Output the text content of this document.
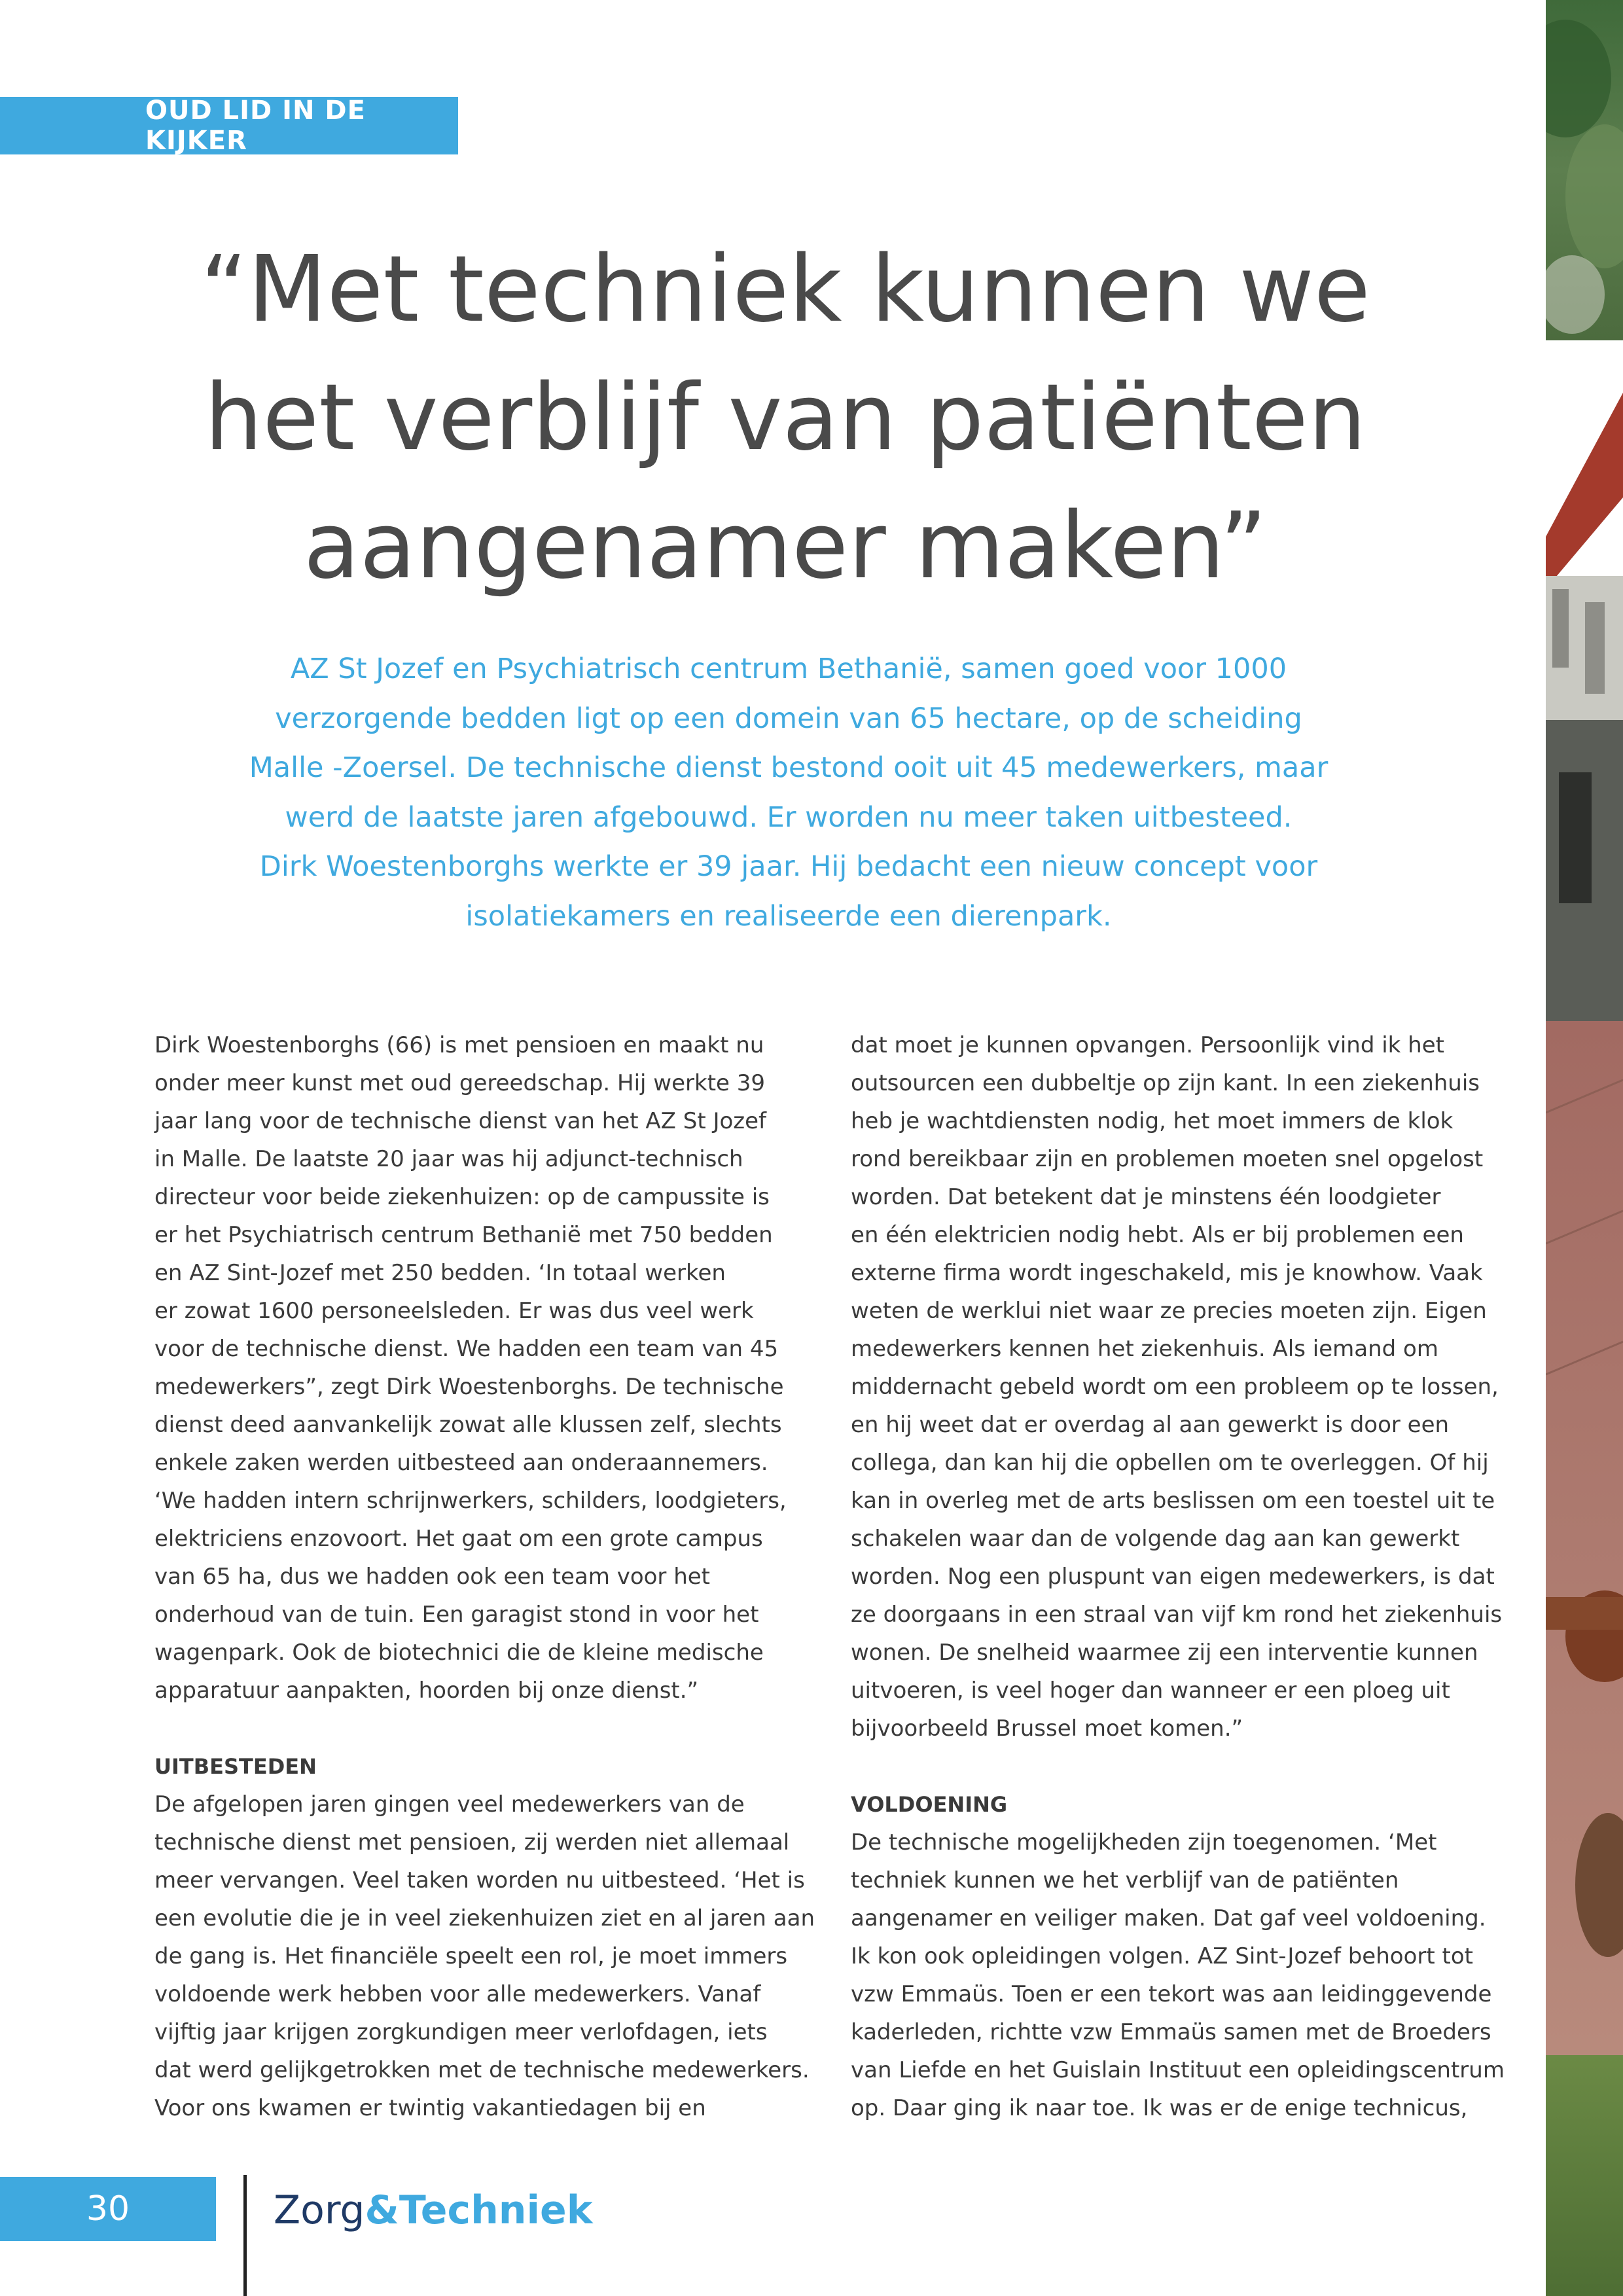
OUD LID IN DE KIJKER
“Met techniek kunnen we
het verblijf van patiënten
aangenamer maken”

AZ St Jozef en Psychiatrisch centrum Bethanië, samen goed voor 1000
verzorgende bedden ligt op een domein van 65 hectare, op de scheiding
Malle -Zoersel. De technische dienst bestond ooit uit 45 medewerkers, maar
werd de laatste jaren afgebouwd. Er worden nu meer taken uitbesteed.
Dirk Woestenborghs werkte er 39 jaar. Hij bedacht een nieuw concept voor
isolatiekamers en realiseerde een dierenpark.

Dirk Woestenborghs (66) is met pensioen en maakt nu
onder meer kunst met oud gereedschap. Hij werkte 39
jaar lang voor de technische dienst van het AZ St Jozef
in Malle. De laatste 20 jaar was hij adjunct-technisch
directeur voor beide ziekenhuizen: op de campussite is
er het Psychiatrisch centrum Bethanië met 750 bedden
en AZ Sint-Jozef met 250 bedden. ‘In totaal werken
er zowat 1600 personeelsleden. Er was dus veel werk
voor de technische dienst. We hadden een team van 45
medewerkers”, zegt Dirk Woestenborghs. De technische
dienst deed aanvankelijk zowat alle klussen zelf, slechts
enkele zaken werden uitbesteed aan onderaannemers.
‘We hadden intern schrijnwerkers, schilders, loodgieters,
elektriciens enzovoort. Het gaat om een grote campus
van 65 ha, dus we hadden ook een team voor het
onderhoud van de tuin. Een garagist stond in voor het
wagenpark. Ook de biotechnici die de kleine medische
apparatuur aanpakten, hoorden bij onze dienst.”
UITBESTEDEN
De afgelopen jaren gingen veel medewerkers van de
technische dienst met pensioen, zij werden niet allemaal
meer vervangen. Veel taken worden nu uitbesteed. ‘Het is
een evolutie die je in veel ziekenhuizen ziet en al jaren aan
de gang is. Het financiële speelt een rol, je moet immers
voldoende werk hebben voor alle medewerkers. Vanaf
vijftig jaar krijgen zorgkundigen meer verlofdagen, iets
dat werd gelijkgetrokken met de technische medewerkers.
Voor ons kwamen er twintig vakantiedagen bij en
dat moet je kunnen opvangen. Persoonlijk vind ik het
outsourcen een dubbeltje op zijn kant. In een ziekenhuis
heb je wachtdiensten nodig, het moet immers de klok
rond bereikbaar zijn en problemen moeten snel opgelost
worden. Dat betekent dat je minstens één loodgieter
en één elektricien nodig hebt. Als er bij problemen een
externe firma wordt ingeschakeld, mis je knowhow. Vaak
weten de werklui niet waar ze precies moeten zijn. Eigen
medewerkers kennen het ziekenhuis. Als iemand om
middernacht gebeld wordt om een probleem op te lossen,
en hij weet dat er overdag al aan gewerkt is door een
collega, dan kan hij die opbellen om te overleggen. Of hij
kan in overleg met de arts beslissen om een toestel uit te
schakelen waar dan de volgende dag aan kan gewerkt
worden. Nog een pluspunt van eigen medewerkers, is dat
ze doorgaans in een straal van vijf km rond het ziekenhuis
wonen. De snelheid waarmee zij een interventie kunnen
uitvoeren, is veel hoger dan wanneer er een ploeg uit
bijvoorbeeld Brussel moet komen.”
VOLDOENING
De technische mogelijkheden zijn toegenomen. ‘Met
techniek kunnen we het verblijf van de patiënten
aangenamer en veiliger maken. Dat gaf veel voldoening.
Ik kon ook opleidingen volgen. AZ Sint-Jozef behoort tot
vzw Emmaüs. Toen er een tekort was aan leidinggevende
kaderleden, richtte vzw Emmaüs samen met de Broeders
van Liefde en het Guislain Instituut een opleidingscentrum
op. Daar ging ik naar toe. Ik was er de enige technicus,
30	Zorg&Techniek
